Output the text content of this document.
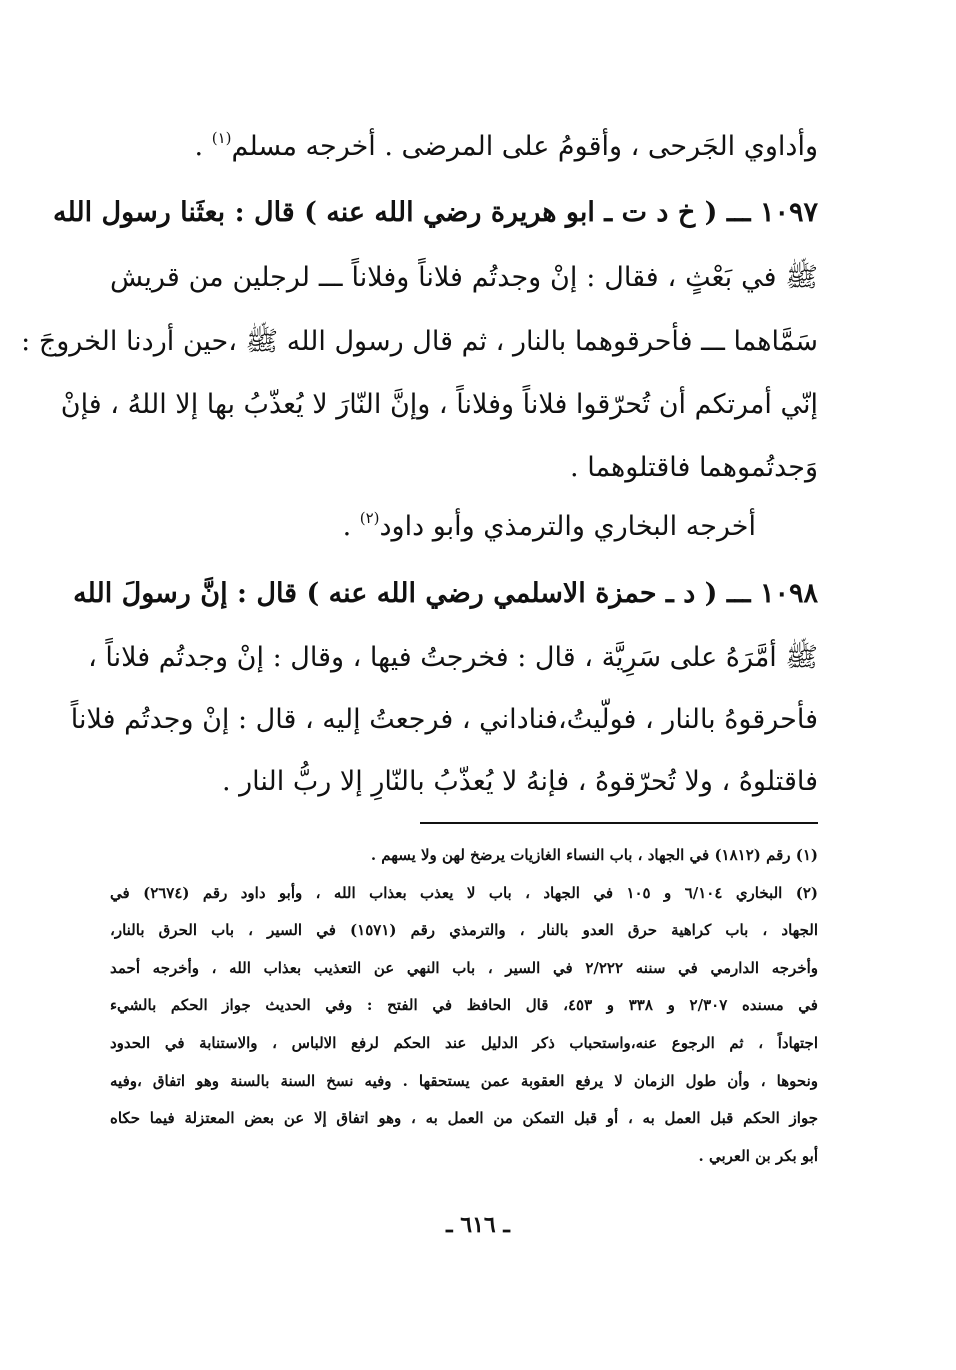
وأداوي الجَرحى ، وأقومُ على المرضى . أخرجه مسلم$^{(١)}$ .
١٠٩٧ ـــ ( خ د ت ـ ابو هريرة رضي الله عنه ) قال : بعثَنا رسول الله
ﷺ في بَعْثٍ ، فقال : إنْ وجدتُم فلاناً وفلاناً ـــ لرجلين من قريش
سَمَّاهما ـــ فأحرقوهما بالنار ، ثم قال رسول الله ﷺ ،حين أردنا الخروجَ :
إنّي أمرتكم أن تُحرّقوا فلاناً وفلاناً ، وإنَّ النّارَ لا يُعذّبُ بها إلا اللهُ ، فإنْ
وَجدتُموهما فاقتلوهما .
أخرجه البخاري والترمذي وأبو داود$^{(٢)}$ .
١٠٩٨ ـــ ( د ـ حمزة الاسلمي رضي الله عنه ) قال : إنَّ رسولَ الله
ﷺ أمَّرَهُ على سَرِيَّة ، قال : فخرجتُ فيها ، وقال : إنْ وجدتُم فلاناً ،
فأحرقوهُ بالنار ، فولّيتُ،فناداني ، فرجعتُ إليه ، قال : إنْ وجدتُم فلاناً
فاقتلوهُ ، ولا تُحرّقوهُ ، فإنهُ لا يُعذّبُ بالنّارِ إلا ربُّ النار .
(١) رقم (١٨١٢) في الجهاد ، باب النساء الغازيات يرضخ لهن ولا يسهم .
(٢) البخاري ٦/١٠٤ و ١٠٥ في الجهاد ، باب لا يعذب بعذاب الله ، وأبو داود رقم (٢٦٧٤) في
الجهاد ، باب كراهية حرق العدو بالنار ، والترمذي رقم (١٥٧١) في السير ، باب الحرق بالنار،
وأخرجه الدارمي في سننه ٢/٢٢٢ في السير ، باب النهي عن التعذيب بعذاب الله ، وأخرجه أحمد
في مسنده ٢/٣٠٧ و ٣٣٨ و ٤٥٣، قال الحافظ في الفتح : وفي الحديث جواز الحكم بالشيء
اجتهاداً ، ثم الرجوع عنه،واستحباب ذكر الدليل عند الحكم لرفع الالباس ، والاستنابة في الحدود
ونحوها ، وأن طول الزمان لا يرفع العقوبة عمن يستحقها . وفيه نسخ السنة بالسنة وهو اتفاق ،وفيه
جواز الحكم قبل العمل به ، أو قبل التمكن من العمل به ، وهو اتفاق إلا عن بعض المعتزلة فيما حكاه
أبو بكر بن العربي .
ـ ٦١٦ ـ
